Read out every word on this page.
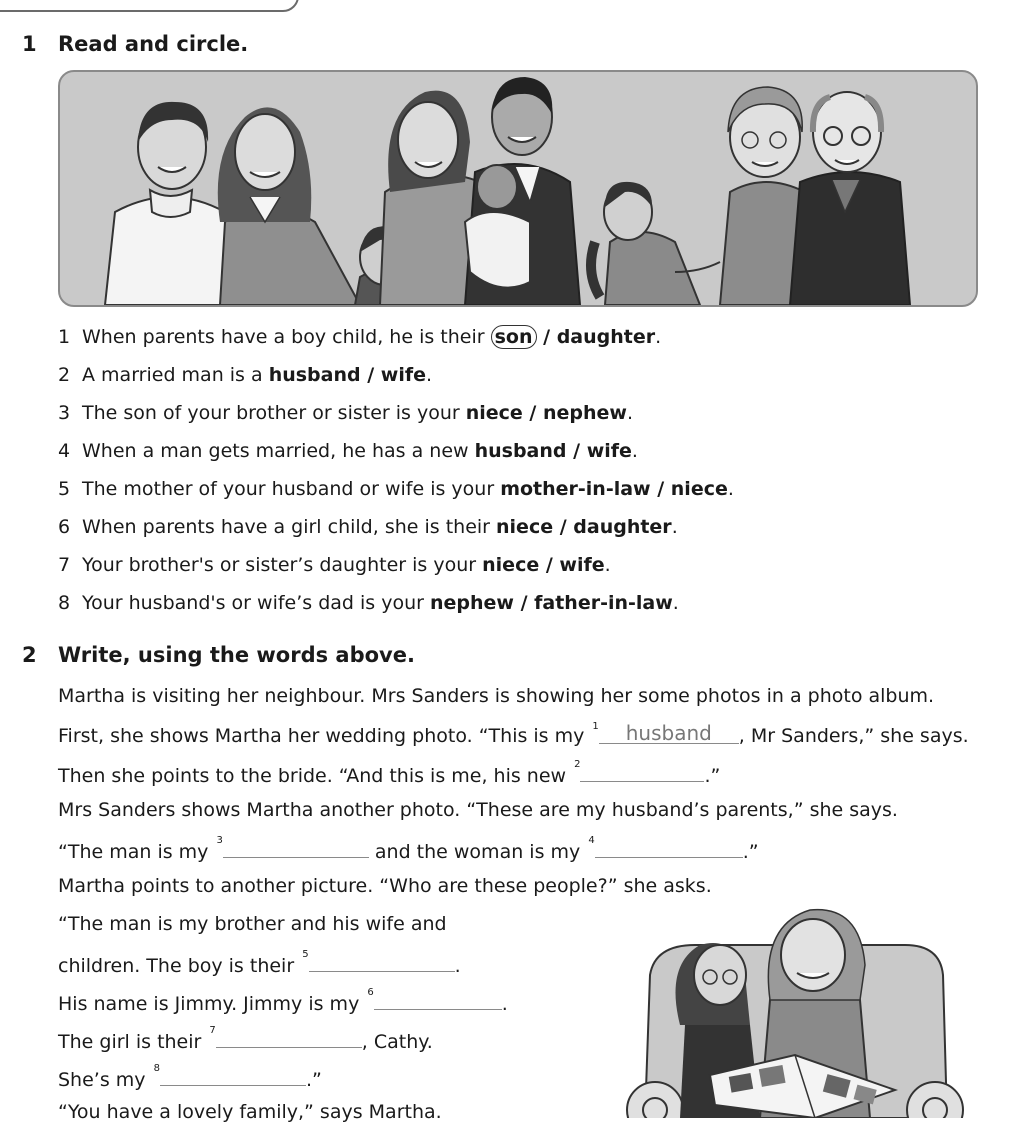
1 Read and circle.
1 When parents have a boy child, he is their son / daughter.
2 A married man is a husband / wife.
3 The son of your brother or sister is your niece / nephew.
4 When a man gets married, he has a new husband / wife.
5 The mother of your husband or wife is your mother-in-law / niece.
6 When parents have a girl child, she is their niece / daughter.
7 Your brother's or sister’s daughter is your niece / wife.
8 Your husband's or wife’s dad is your nephew / father-in-law.
2 Write, using the words above.
Martha is visiting her neighbour. Mrs Sanders is showing her some photos in a photo album.
First, she shows Martha her wedding photo. “This is my $^1$ husband , Mr Sanders,” she says.
Then she points to the bride. “And this is me, his new $^2$.”
Mrs Sanders shows Martha another photo. “These are my husband’s parents,” she says.
“The man is my $^3$ and the woman is my $^4$.”
Martha points to another picture. “Who are these people?” she asks.
“The man is my brother and his wife and
children. The boy is their $^5$.
His name is Jimmy. Jimmy is my $^6$.
The girl is their $^7$, Cathy.
She’s my $^8$.”
“You have a lovely family,” says Martha.
